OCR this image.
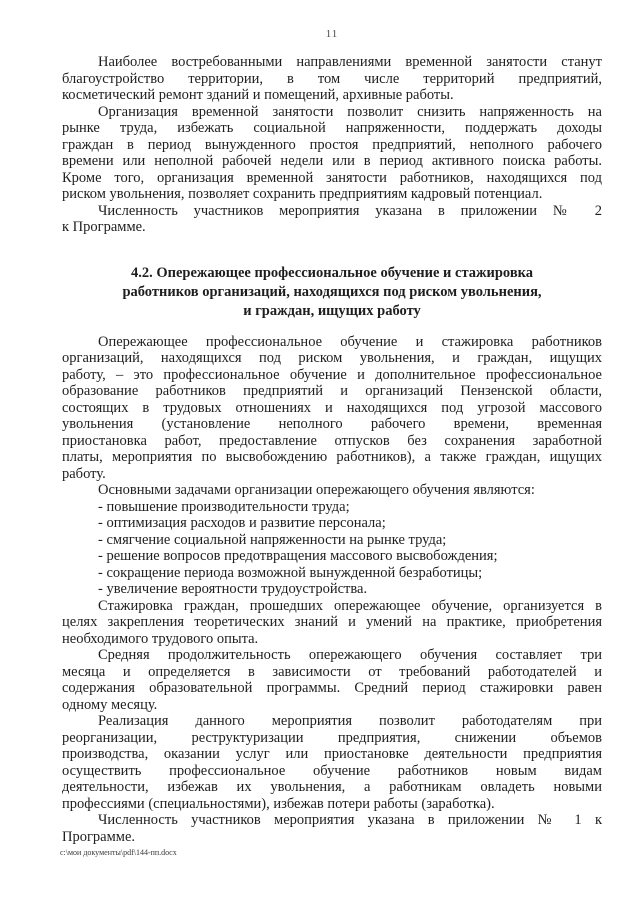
11
Наиболее востребованными направлениями временной занятости станут
благоустройство территории, в том числе территорий предприятий,
косметический ремонт зданий и помещений, архивные работы.
Организация временной занятости позволит снизить напряженность на
рынке труда, избежать социальной напряженности, поддержать доходы
граждан в период вынужденного простоя предприятий, неполного рабочего
времени или неполной рабочей недели или в период активного поиска работы.
Кроме того, организация временной занятости работников, находящихся под
риском увольнения, позволяет сохранить предприятиям кадровый потенциал.
Численность участников мероприятия указана в приложении № 2
к Программе.
4.2. Опережающее профессиональное обучение и стажировка
работников организаций, находящихся под риском увольнения,
и граждан, ищущих работу
Опережающее профессиональное обучение и стажировка работников
организаций, находящихся под риском увольнения, и граждан, ищущих
работу, – это профессиональное обучение и дополнительное профессиональное
образование работников предприятий и организаций Пензенской области,
состоящих в трудовых отношениях и находящихся под угрозой массового
увольнения (установление неполного рабочего времени, временная
приостановка работ, предоставление отпусков без сохранения заработной
платы, мероприятия по высвобождению работников), а также граждан, ищущих
работу.
Основными задачами организации опережающего обучения являются:
- повышение производительности труда;
- оптимизация расходов и развитие персонала;
- смягчение социальной напряженности на рынке труда;
- решение вопросов предотвращения массового высвобождения;
- сокращение периода возможной вынужденной безработицы;
- увеличение вероятности трудоустройства.
Стажировка граждан, прошедших опережающее обучение, организуется в
целях закрепления теоретических знаний и умений на практике, приобретения
необходимого трудового опыта.
Средняя продолжительность опережающего обучения составляет три
месяца и определяется в зависимости от требований работодателей и
содержания образовательной программы. Средний период стажировки равен
одному месяцу.
Реализация данного мероприятия позволит работодателям при
реорганизации, реструктуризации предприятия, снижении объемов
производства, оказании услуг или приостановке деятельности предприятия
осуществить профессиональное обучение работников новым видам
деятельности, избежав их увольнения, а работникам овладеть новыми
профессиями (специальностями), избежав потери работы (заработка).
Численность участников мероприятия указана в приложении № 1 к
Программе.
с:\мои документы\pdf\144-пп.docx
